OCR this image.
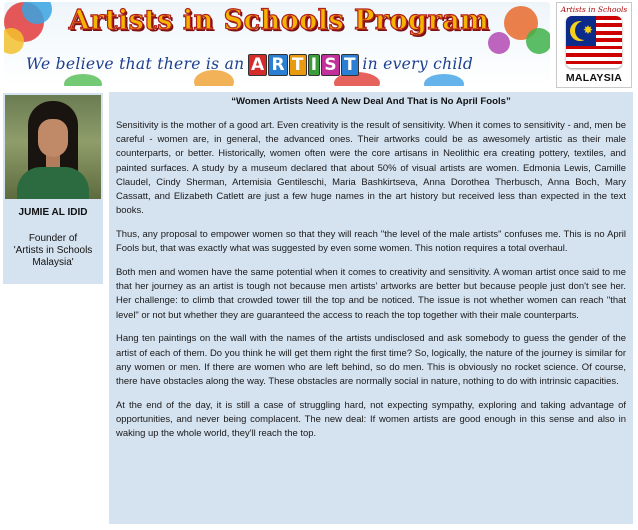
Artists in Schools Program
We believe that there is an A R T I S T in every child
Artists in Schools
✸
MALAYSIA
JUMIE AL IDID
Founder of
'Artists in Schools
Malaysia'
“Women Artists Need A New Deal And That is No April Fools”

Sensitivity is the mother of a good art. Even creativity is the result of sensitivity. When it comes to sensitivity - and, men be careful - women are, in general, the advanced ones. Their artworks could be as awesomely artistic as their male counterparts, or better. Historically, women often were the core artisans in Neolithic era creating pottery, textiles, and painted surfaces. A study by a museum declared that about 50% of visual artists are women. Edmonia Lewis, Camille Claudel, Cindy Sherman, Artemisia Gentileschi, Maria Bashkirtseva, Anna Dorothea Therbusch, Anna Boch, Mary Cassatt, and Elizabeth Catlett are just a few huge names in the art history but received less than expected in the text books.

Thus, any proposal to empower women so that they will reach "the level of the male artists" confuses me. This is no April Fools but, that was exactly what was suggested by even some women. This notion requires a total overhaul.

Both men and women have the same potential when it comes to creativity and sensitivity. A woman artist once said to me that her journey as an artist is tough not because men artists' artworks are better but because people just don't see her. Her challenge: to climb that crowded tower till the top and be noticed. The issue is not whether women can reach "that level" or not but whether they are guaranteed the access to reach the top together with their male counterparts.

Hang ten paintings on the wall with the names of the artists undisclosed and ask somebody to guess the gender of the artist of each of them. Do you think he will get them right the first time? So, logically, the nature of the journey is similar for any women or men. If there are women who are left behind, so do men. This is obviously no rocket science. Of course, there have obstacles along the way. These obstacles are normally social in nature, nothing to do with intrinsic capacities.

At the end of the day, it is still a case of struggling hard, not expecting sympathy, exploring and taking advantage of opportunities, and never being complacent. The new deal: If women artists are good enough in this sense and also in waking up the whole world, they'll reach the top.
